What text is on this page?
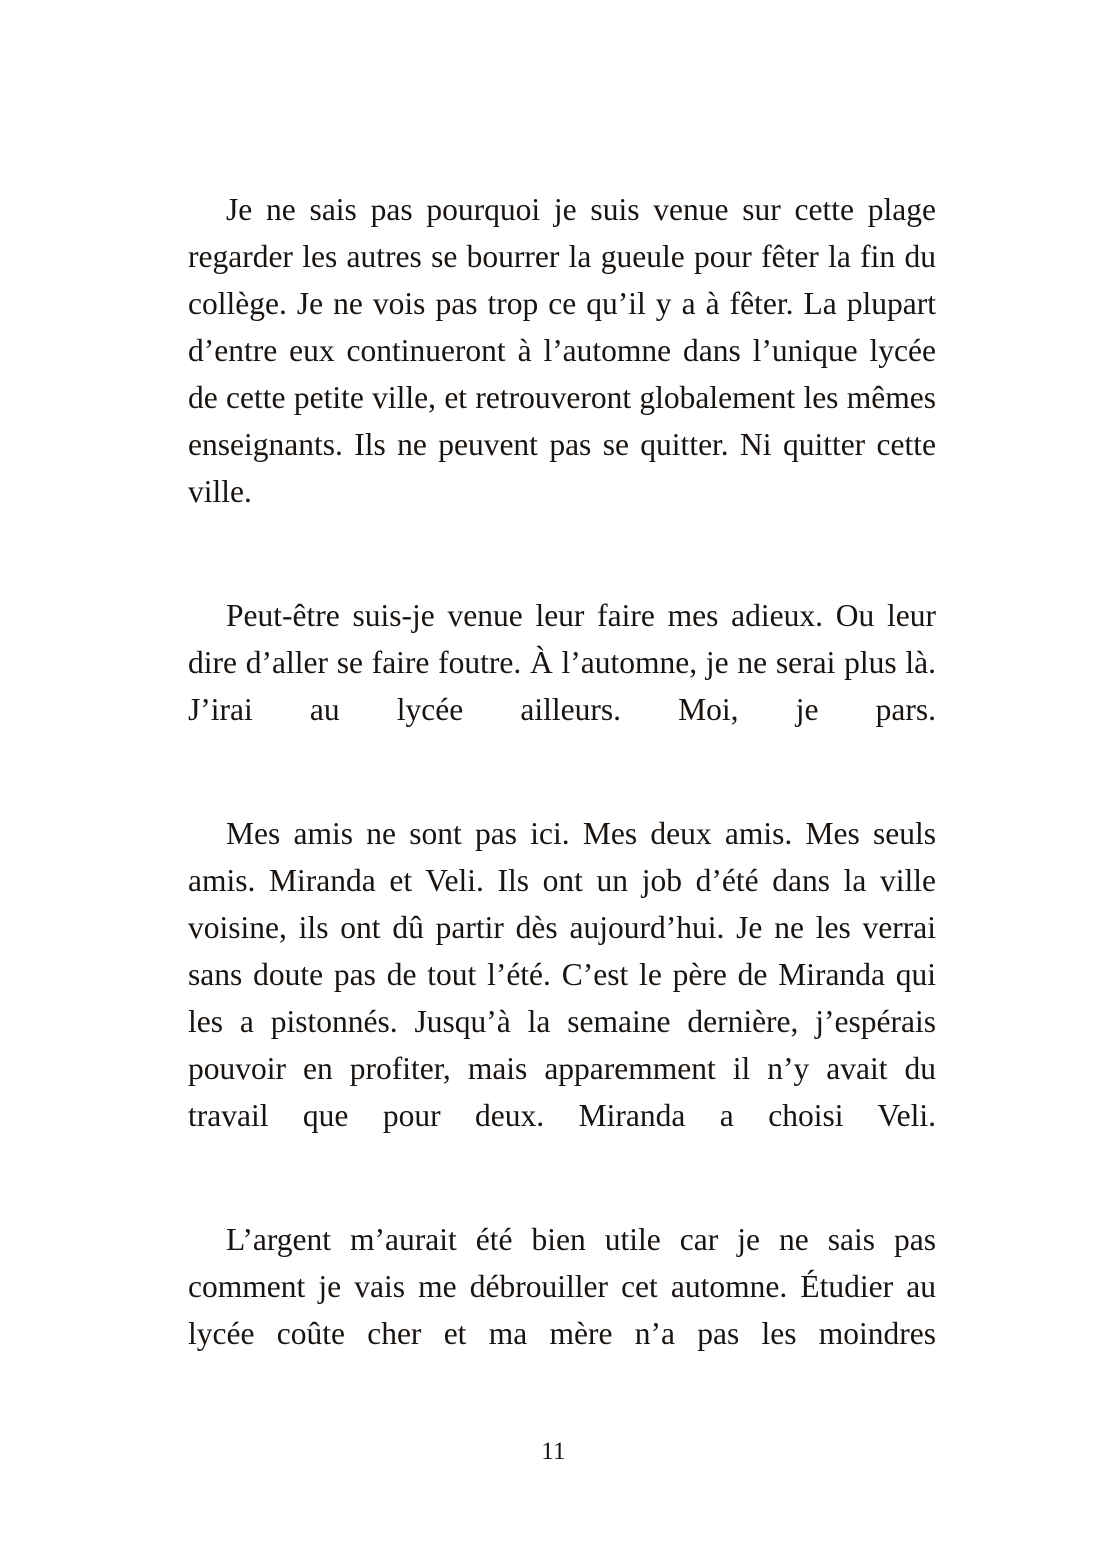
Je ne sais pas pourquoi je suis venue sur cette plage regarder les autres se bourrer la gueule pour fêter la fin du collège. Je ne vois pas trop ce qu’il y a à fêter. La plupart d’entre eux continueront à l’automne dans l’unique lycée de cette petite ville, et retrouveront globalement les mêmes enseignants. Ils ne peuvent pas se quitter. Ni quitter cette ville.

Peut-être suis-je venue leur faire mes adieux. Ou leur dire d’aller se faire foutre. À l’automne, je ne serai plus là. J’irai au lycée ailleurs. Moi, je pars.

Mes amis ne sont pas ici. Mes deux amis. Mes seuls amis. Miranda et Veli. Ils ont un job d’été dans la ville voisine, ils ont dû partir dès aujourd’hui. Je ne les verrai sans doute pas de tout l’été. C’est le père de Miranda qui les a pistonnés. Jusqu’à la semaine dernière, j’espérais pouvoir en profiter, mais apparemment il n’y avait du travail que pour deux. Miranda a choisi Veli.

L’argent m’aurait été bien utile car je ne sais pas comment je vais me débrouiller cet automne. Étudier au lycée coûte cher et ma mère n’a pas les moindres

11
